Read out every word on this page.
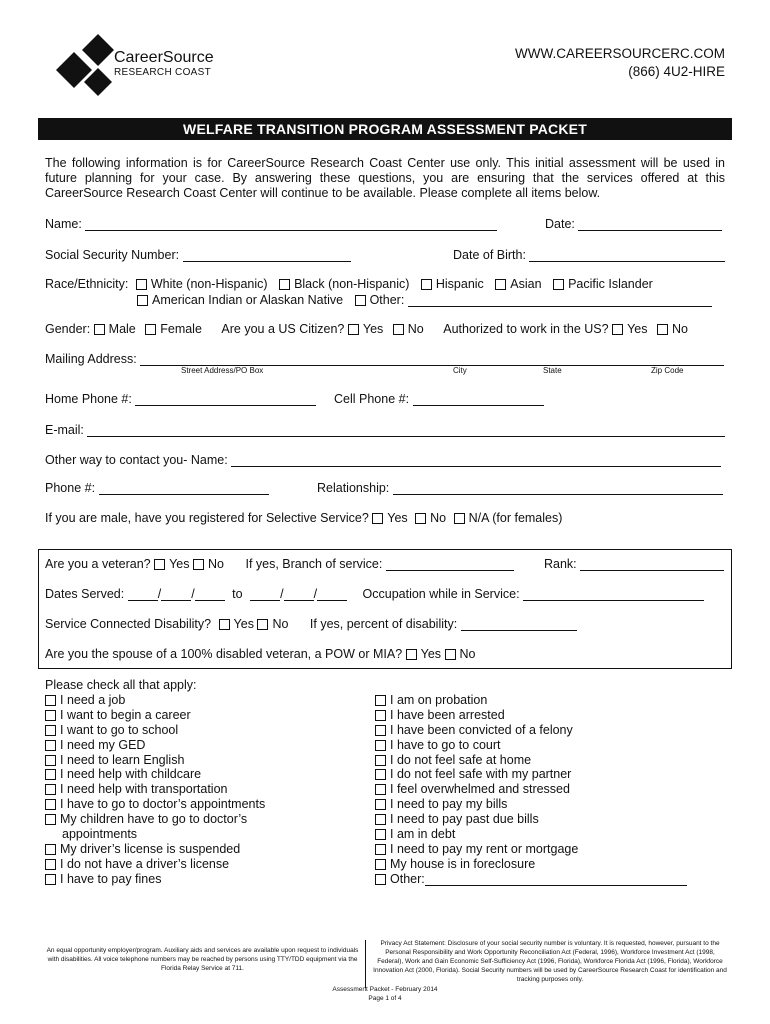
CareerSource
RESEARCH COAST
WWW.CAREERSOURCERC.COM
(866) 4U2-HIRE
WELFARE TRANSITION PROGRAM ASSESSMENT PACKET
The following information is for CareerSource Research Coast Center use only. This initial assessment will be used in future planning for your case. By answering these questions, you are ensuring that the services offered at this CareerSource Research Coast Center will continue to be available. Please complete all items below.
Name:	Date:
Social Security Number:	Date of Birth:
Race/Ethnicity: White (non-Hispanic) Black (non-Hispanic) Hispanic Asian Pacific Islander
American Indian or Alaskan Native Other:
Gender: Male Female Are you a US Citizen? Yes No Authorized to work in the US? Yes No
Mailing Address:
Street Address/PO Box	City	State	Zip Code
Home Phone #:	Cell Phone #:
E-mail:
Other way to contact you- Name:
Phone #:	Relationship:
If you are male, have you registered for Selective Service? Yes No N/A (for females)
Are you a veteran? Yes No If yes, Branch of service:	Rank:
Dates Served:	/ /	to	/ /	Occupation while in Service:
Service Connected Disability? Yes No If yes, percent of disability:
Are you the spouse of a 100% disabled veteran, a POW or MIA? Yes No
Please check all that apply:
I need a job
I want to begin a career
I want to go to school
I need my GED
I need to learn English
I need help with childcare
I need help with transportation
I have to go to doctor’s appointments
My children have to go to doctor’s
appointments
My driver’s license is suspended
I do not have a driver’s license
I have to pay fines
I am on probation
I have been arrested
I have been convicted of a felony
I have to go to court
I do not feel safe at home
I do not feel safe with my partner
I feel overwhelmed and stressed
I need to pay my bills
I need to pay past due bills
I am in debt
I need to pay my rent or mortgage
My house is in foreclosure
Other:
An equal opportunity employer/program. Auxiliary aids and services are available upon request to individuals with disabilities. All voice telephone numbers may be reached by persons using TTY/TDD equipment via the Florida Relay Service at 711.
Privacy Act Statement: Disclosure of your social security number is voluntary. It is requested, however, pursuant to the Personal Responsibility and Work Opportunity Reconciliation Act (Federal, 1996), Workforce Investment Act (1998, Federal), Work and Gain Economic Self-Sufficiency Act (1996, Florida), Workforce Florida Act (1996, Florida), Workforce Innovation Act (2000, Florida). Social Security numbers will be used by CareerSource Research Coast for identification and tracking purposes only.
Assessment Packet - February 2014
Page 1 of 4
